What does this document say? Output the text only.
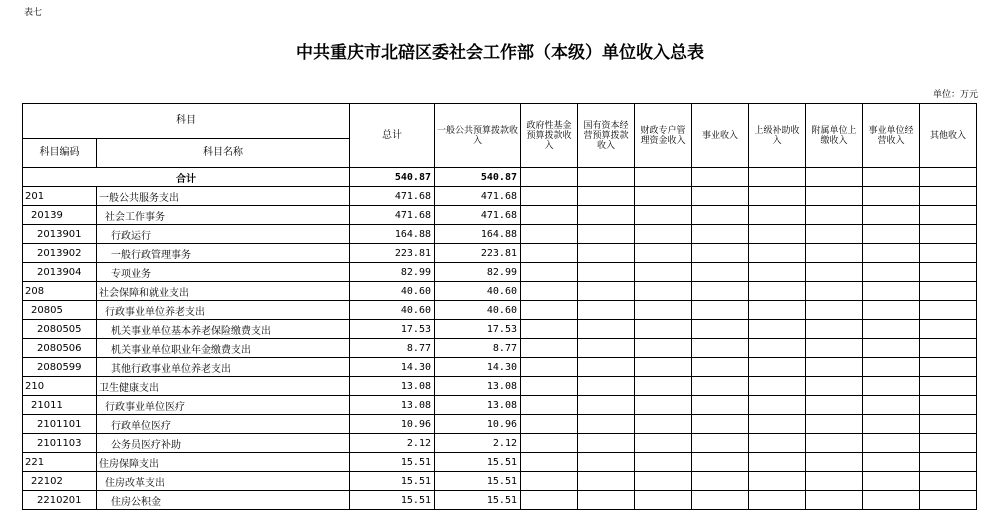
表七
中共重庆市北碚区委社会工作部（本级）单位收入总表
单位：万元
科目		总计	一般公共预算拨款收入	政府性基金预算拨款收入	国有资本经营预算拨款收入	财政专户管理资金收入	事业收入	上级补助收入	附属单位上缴收入	事业单位经营收入	其他收入
科目编码	科目名称										
合计		540.87	540.87								
201	一般公共服务支出	471.68	471.68								
20139	社会工作事务	471.68	471.68								
2013901	行政运行	164.88	164.88								
2013902	一般行政管理事务	223.81	223.81								
2013904	专项业务	82.99	82.99								
208	社会保障和就业支出	40.60	40.60								
20805	行政事业单位养老支出	40.60	40.60								
2080505	机关事业单位基本养老保险缴费支出	17.53	17.53								
2080506	机关事业单位职业年金缴费支出	8.77	8.77								
2080599	其他行政事业单位养老支出	14.30	14.30								
210	卫生健康支出	13.08	13.08								
21011	行政事业单位医疗	13.08	13.08								
2101101	行政单位医疗	10.96	10.96								
2101103	公务员医疗补助	2.12	2.12								
221	住房保障支出	15.51	15.51								
22102	住房改革支出	15.51	15.51								
2210201	住房公积金	15.51	15.51								
